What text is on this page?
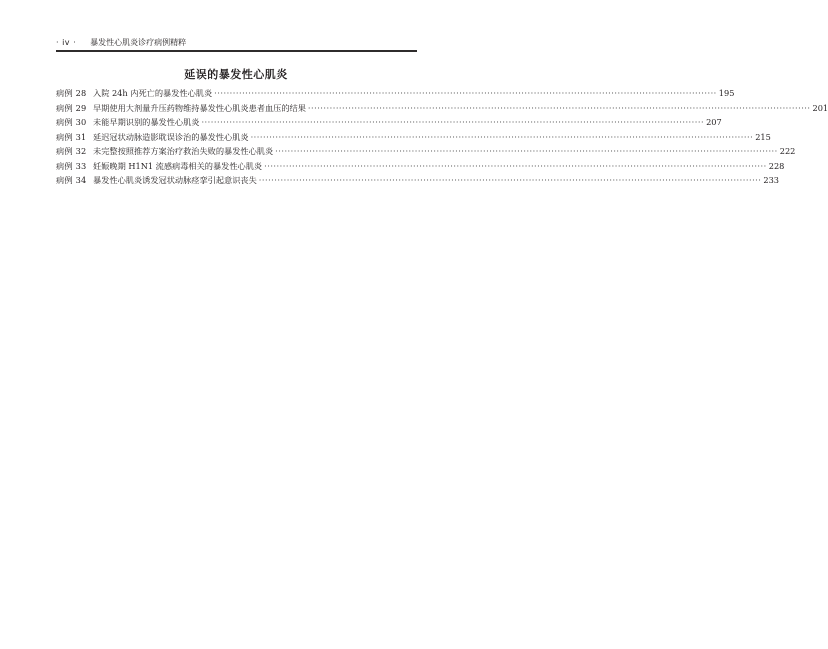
· iv · 暴发性心肌炎诊疗病例精粹
延误的暴发性心肌炎
病例 28 入院 24h 内死亡的暴发性心肌炎 ·····	195
病例 29 早期使用大剂量升压药物维持暴发性心肌炎患者血压的结果 ·····	201
病例 30 未能早期识别的暴发性心肌炎 ·····	207
病例 31 延迟冠状动脉造影耽误诊治的暴发性心肌炎 ·····	215
病例 32 未完整按照推荐方案治疗救治失败的暴发性心肌炎 ·····	222
病例 33 妊娠晚期 H1N1 流感病毒相关的暴发性心肌炎 ·····	228
病例 34 暴发性心肌炎诱发冠状动脉痉挛引起意识丧失 ·····	233
